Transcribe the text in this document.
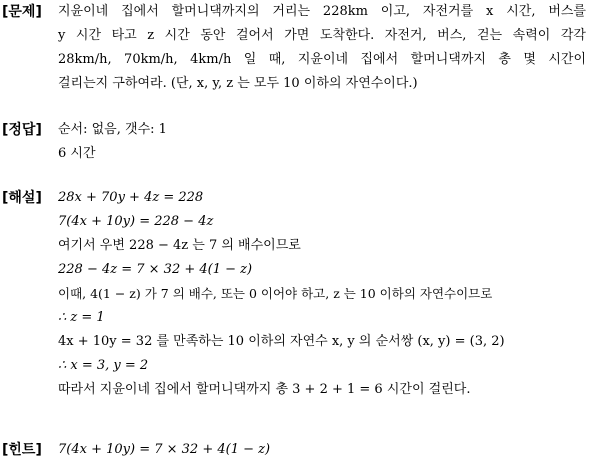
[문제] 지윤이네 집에서 할머니댁까지의 거리는 228km 이고, 자전거를 x 시간, 버스를
y 시간 타고 z 시간 동안 걸어서 가면 도착한다. 자전거, 버스, 걷는 속력이 각각
28km/h, 70km/h, 4km/h 일 때, 지윤이네 집에서 할머니댁까지 총 몇 시간이
걸리는지 구하여라. (단, x, y, z 는 모두 10 이하의 자연수이다.)
[정답] 순서: 없음, 갯수: 1
6 시간
[해설] 28x + 70y + 4z = 228
7(4x + 10y) = 228 − 4z
여기서 우변 228 − 4z 는 7 의 배수이므로
228 − 4z = 7 × 32 + 4(1 − z)
이때, 4(1 − z) 가 7 의 배수, 또는 0 이어야 하고, z 는 10 이하의 자연수이므로
∴ z = 1
4x + 10y = 32 를 만족하는 10 이하의 자연수 x, y 의 순서쌍 (x, y) = (3, 2)
∴ x = 3, y = 2
따라서 지윤이네 집에서 할머니댁까지 총 3 + 2 + 1 = 6 시간이 걸린다.
[힌트] 7(4x + 10y) = 7 × 32 + 4(1 − z)
